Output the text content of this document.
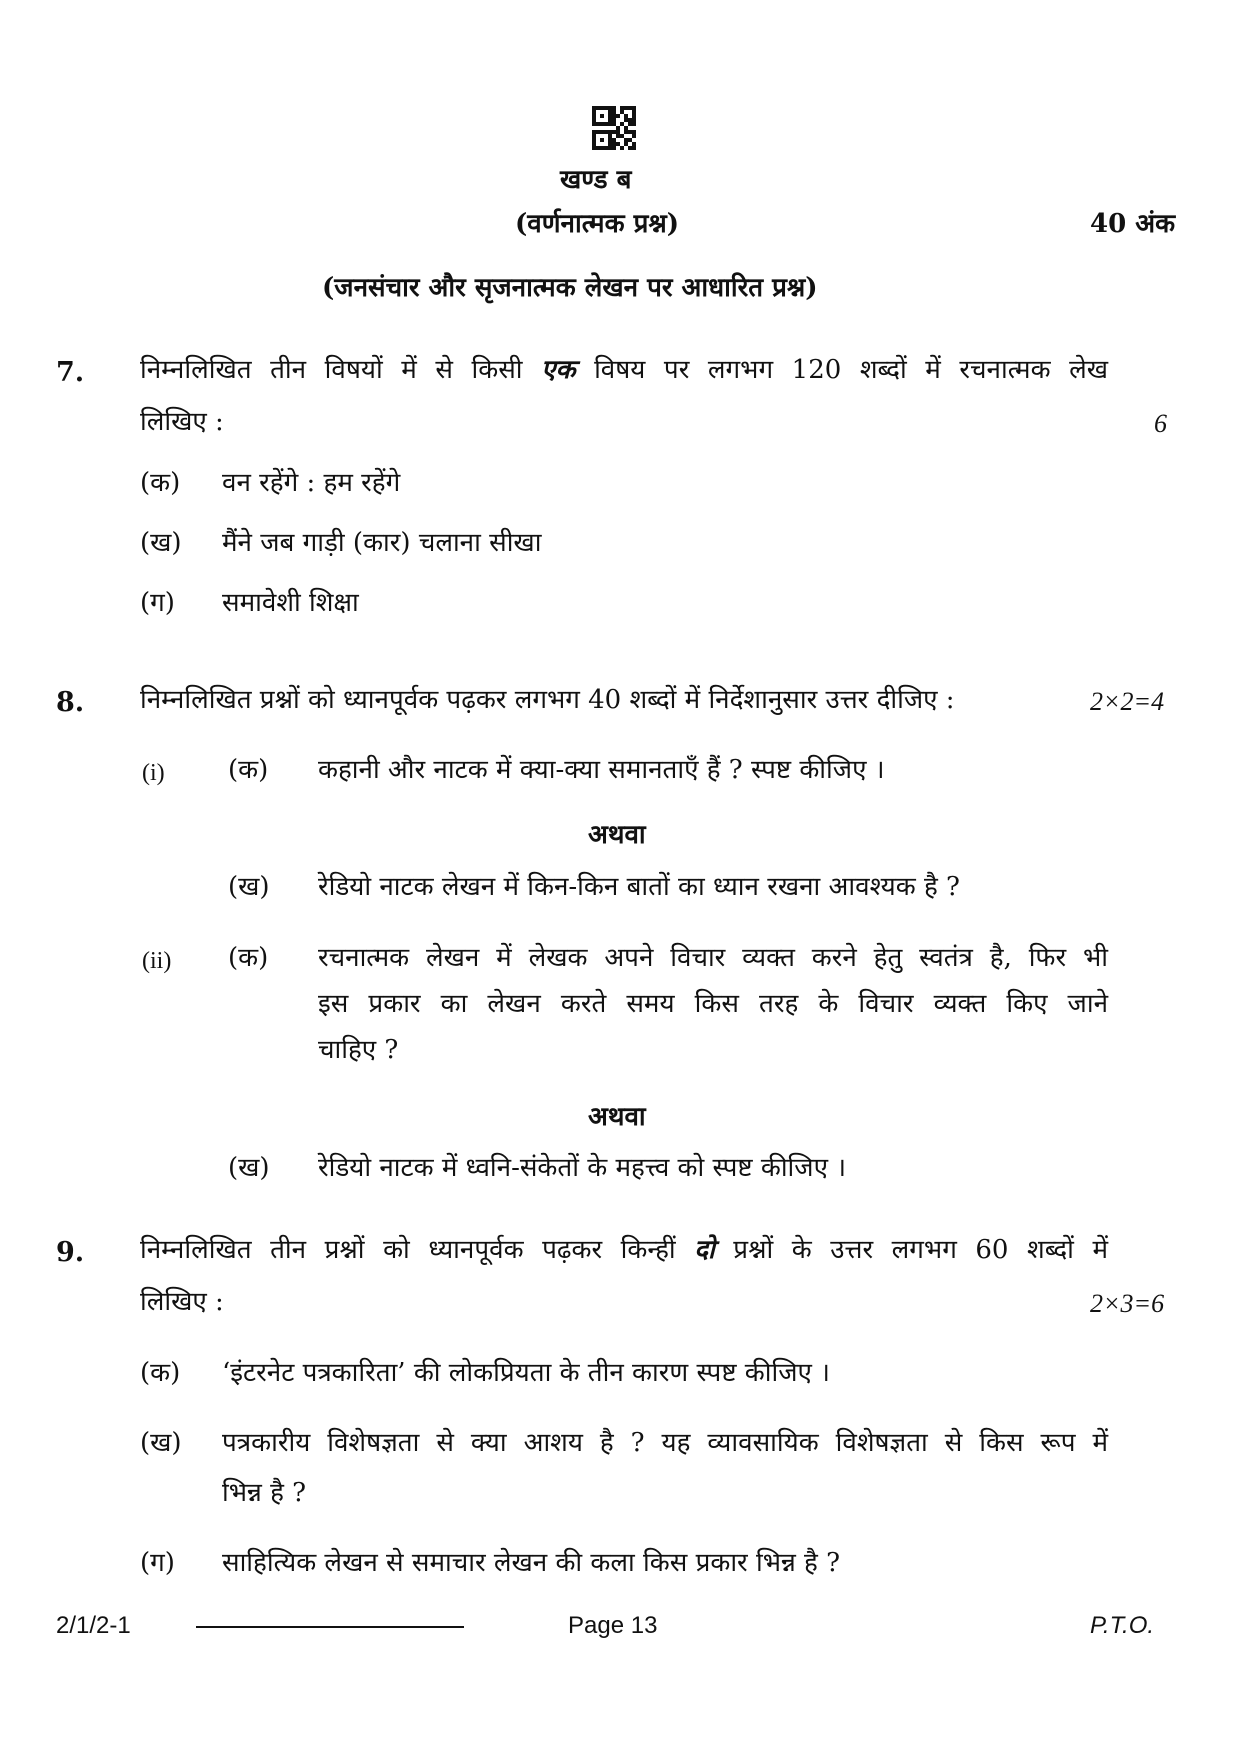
खण्ड ब
(वर्णनात्मक प्रश्न)	40 अंक
(जनसंचार और सृजनात्मक लेखन पर आधारित प्रश्न)
7. निम्नलिखित तीन विषयों में से किसी एक विषय पर लगभग 120 शब्दों में रचनात्मक लेख
लिखिए :	6
(क) वन रहेंगे : हम रहेंगे
(ख) मैंने जब गाड़ी (कार) चलाना सीखा
(ग) समावेशी शिक्षा
8. निम्नलिखित प्रश्नों को ध्यानपूर्वक पढ़कर लगभग 40 शब्दों में निर्देशानुसार उत्तर दीजिए :	2×2=4
(i) (क) कहानी और नाटक में क्या-क्या समानताएँ हैं ? स्पष्ट कीजिए ।
अथवा
(ख) रेडियो नाटक लेखन में किन-किन बातों का ध्यान रखना आवश्यक है ?
(ii) (क) रचनात्मक लेखन में लेखक अपने विचार व्यक्त करने हेतु स्वतंत्र है, फिर भी
इस प्रकार का लेखन करते समय किस तरह के विचार व्यक्त किए जाने
चाहिए ?
अथवा
(ख) रेडियो नाटक में ध्वनि-संकेतों के महत्त्व को स्पष्ट कीजिए ।
9. निम्नलिखित तीन प्रश्नों को ध्यानपूर्वक पढ़कर किन्हीं दो प्रश्नों के उत्तर लगभग 60 शब्दों में
लिखिए :	2×3=6
(क) ‘इंटरनेट पत्रकारिता’ की लोकप्रियता के तीन कारण स्पष्ट कीजिए ।
(ख) पत्रकारीय विशेषज्ञता से क्या आशय है ? यह व्यावसायिक विशेषज्ञता से किस रूप में
भिन्न है ?
(ग) साहित्यिक लेखन से समाचार लेखन की कला किस प्रकार भिन्न है ?
2/1/2-1	Page 13	P.T.O.
